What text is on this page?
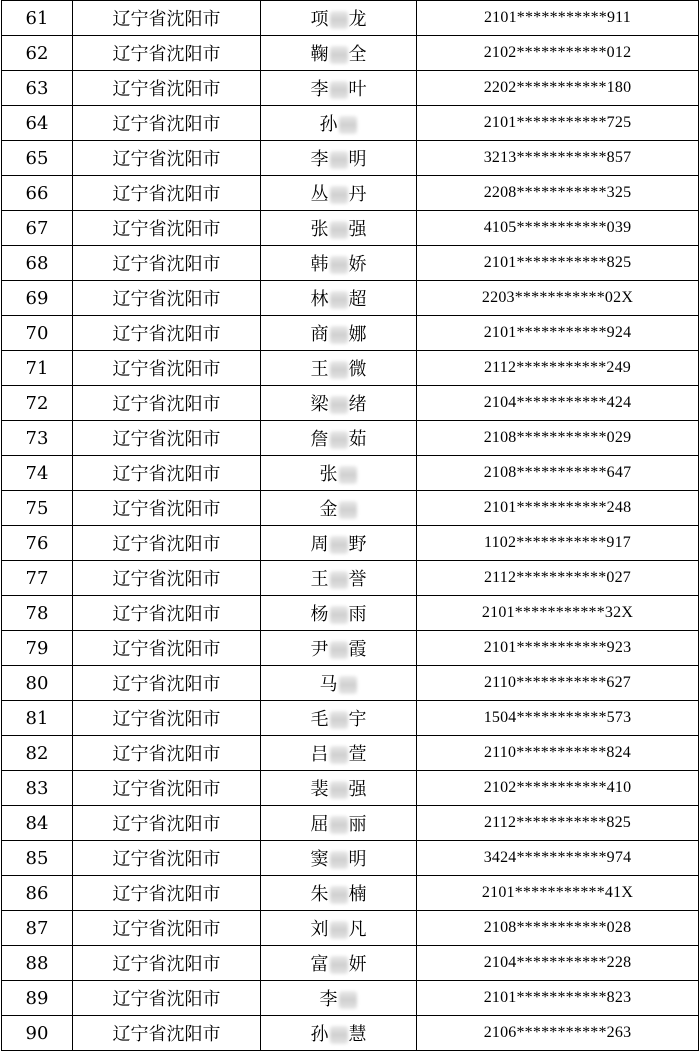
61	辽宁省沈阳市	项 龙	2101***********911
62	辽宁省沈阳市	鞠 全	2102***********012
63	辽宁省沈阳市	李 叶	2202***********180
64	辽宁省沈阳市	孙	2101***********725
65	辽宁省沈阳市	李 明	3213***********857
66	辽宁省沈阳市	丛 丹	2208***********325
67	辽宁省沈阳市	张 强	4105***********039
68	辽宁省沈阳市	韩 娇	2101***********825
69	辽宁省沈阳市	林 超	2203***********02X
70	辽宁省沈阳市	商 娜	2101***********924
71	辽宁省沈阳市	王 微	2112***********249
72	辽宁省沈阳市	梁 绪	2104***********424
73	辽宁省沈阳市	詹 茹	2108***********029
74	辽宁省沈阳市	张	2108***********647
75	辽宁省沈阳市	金	2101***********248
76	辽宁省沈阳市	周 野	1102***********917
77	辽宁省沈阳市	王 誉	2112***********027
78	辽宁省沈阳市	杨 雨	2101***********32X
79	辽宁省沈阳市	尹 霞	2101***********923
80	辽宁省沈阳市	马	2110***********627
81	辽宁省沈阳市	毛 宇	1504***********573
82	辽宁省沈阳市	吕 萱	2110***********824
83	辽宁省沈阳市	裴 强	2102***********410
84	辽宁省沈阳市	屈 丽	2112***********825
85	辽宁省沈阳市	窦 明	3424***********974
86	辽宁省沈阳市	朱 楠	2101***********41X
87	辽宁省沈阳市	刘 凡	2108***********028
88	辽宁省沈阳市	富 妍	2104***********228
89	辽宁省沈阳市	李	2101***********823
90	辽宁省沈阳市	孙 慧	2106***********263
